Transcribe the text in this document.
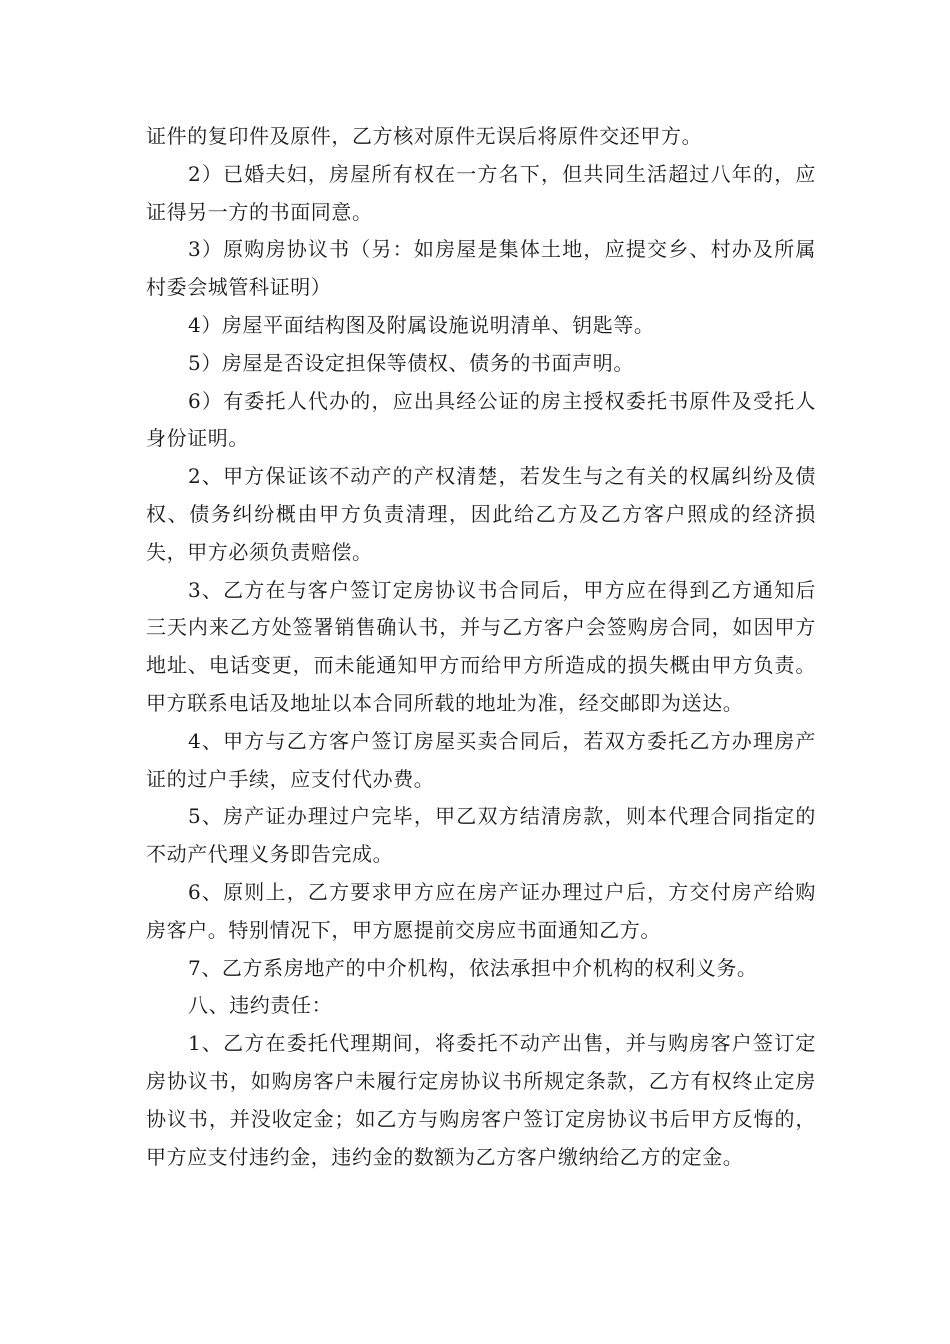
证件的复印件及原件，乙方核对原件无误后将原件交还甲方。

2）已婚夫妇，房屋所有权在一方名下，但共同生活超过八年的，应证得另一方的书面同意。

3）原购房协议书（另：如房屋是集体土地，应提交乡、村办及所属村委会城管科证明）

4）房屋平面结构图及附属设施说明清单、钥匙等。

5）房屋是否设定担保等债权、债务的书面声明。

6）有委托人代办的，应出具经公证的房主授权委托书原件及受托人身份证明。

2、甲方保证该不动产的产权清楚，若发生与之有关的权属纠纷及债权、债务纠纷概由甲方负责清理，因此给乙方及乙方客户照成的经济损失，甲方必须负责赔偿。

3、乙方在与客户签订定房协议书合同后，甲方应在得到乙方通知后三天内来乙方处签署销售确认书，并与乙方客户会签购房合同，如因甲方地址、电话变更，而未能通知甲方而给甲方所造成的损失概由甲方负责。甲方联系电话及地址以本合同所载的地址为准，经交邮即为送达。

4、甲方与乙方客户签订房屋买卖合同后，若双方委托乙方办理房产证的过户手续，应支付代办费。

5、房产证办理过户完毕，甲乙双方结清房款，则本代理合同指定的不动产代理义务即告完成。

6、原则上，乙方要求甲方应在房产证办理过户后，方交付房产给购房客户。特别情况下，甲方愿提前交房应书面通知乙方。

7、乙方系房地产的中介机构，依法承担中介机构的权利义务。

八、违约责任：

1、乙方在委托代理期间，将委托不动产出售，并与购房客户签订定房协议书，如购房客户未履行定房协议书所规定条款，乙方有权终止定房协议书，并没收定金；如乙方与购房客户签订定房协议书后甲方反悔的，甲方应支付违约金，违约金的数额为乙方客户缴纳给乙方的定金。
